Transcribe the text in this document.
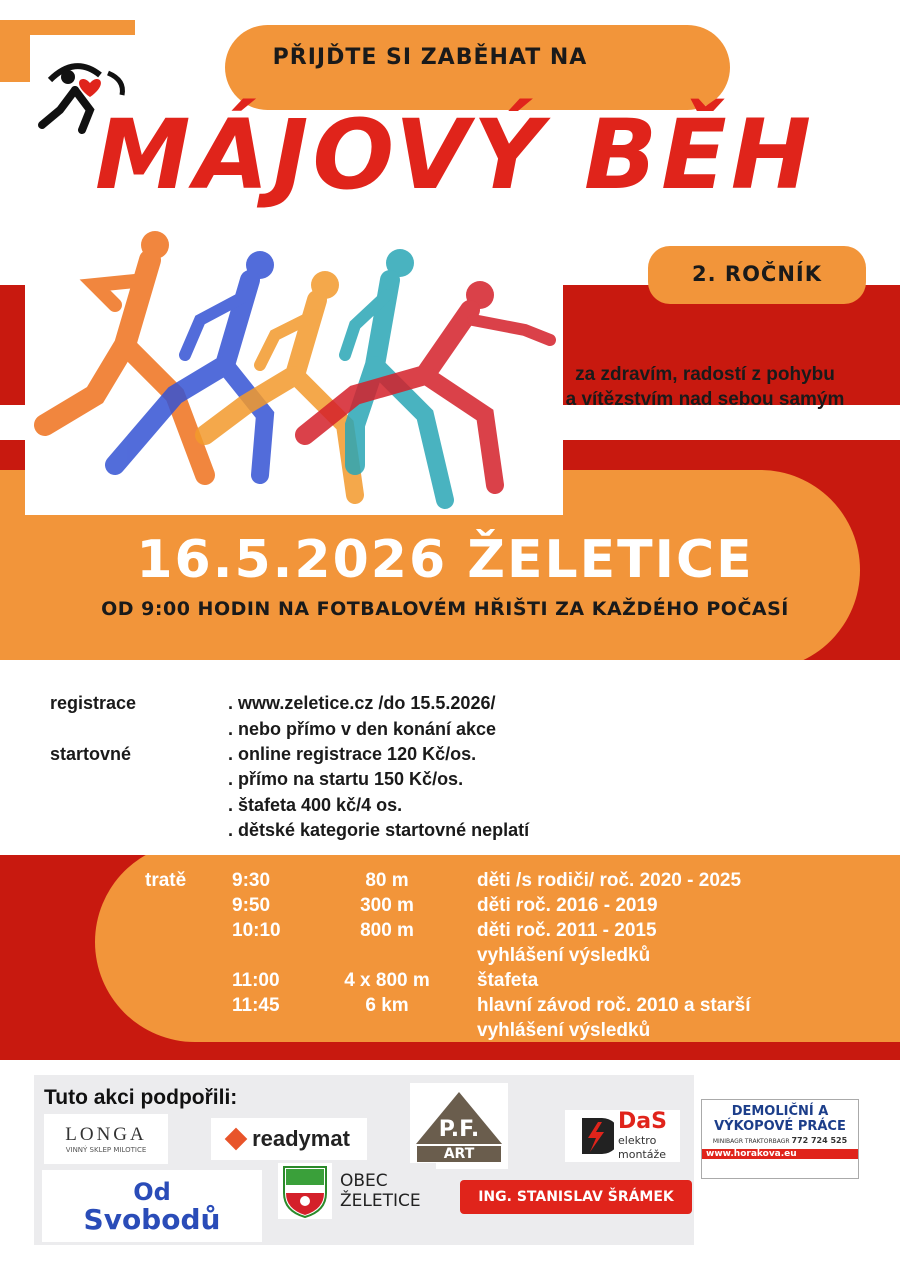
PŘIJĎTE SI ZABĚHAT NA
MÁJOVÝ BĚH
2. ROČNÍK
za zdravím, radostí z pohybu
a vítězstvím nad sebou samým
16.5.2026 ŽELETICE
OD 9:00 HODIN NA FOTBALOVÉM HŘIŠTI ZA KAŽDÉHO POČASÍ
registrace	. www.zeletice.cz /do 15.5.2026/
. nebo přímo v den konání akce
startovné	. online registrace 120 Kč/os.
. přímo na startu 150 Kč/os.
. štafeta 400 kč/4 os.
. dětské kategorie startovné neplatí
tratě 9:30	80 m	děti /s rodiči/ roč. 2020 - 2025
9:50	300 m	děti roč. 2016 - 2019
10:10	800 m	děti roč. 2011 - 2015
vyhlášení výsledků
11:00	4 x 800 m	štafeta
11:45	6 km	hlavní závod roč. 2010 a starší
vyhlášení výsledků
Tuto akci podpořili:
LONGA
VINNÝ SKLEP MILOTICE	readymat	P.F.
ART
DaS
elektro
montáže
DEMOLIČNÍ A
VÝKOPOVÉ PRÁCE
MINIBAGR TRAKTORBAGR 772 724 525
www.horakova.eu
Od
Svobodů
OBEC
ŽELETICE	ING. STANISLAV ŠRÁMEK
